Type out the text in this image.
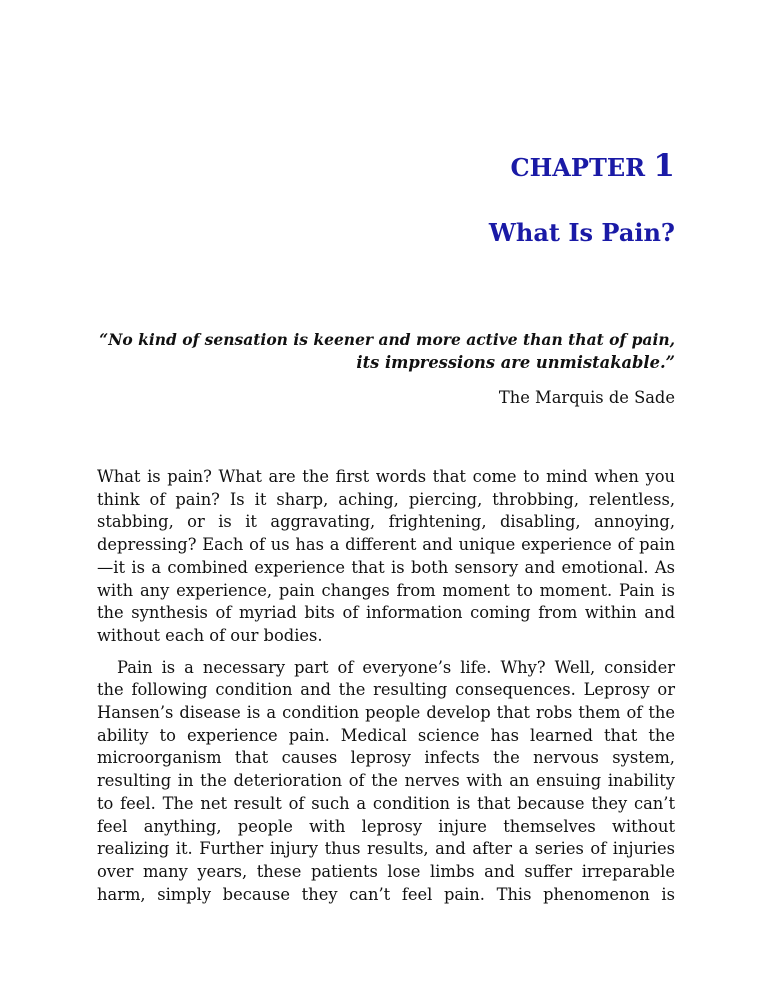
CHAPTER 1
What Is Pain?
“No kind of sensation is keener and more active than that of pain,
its impressions are unmistakable.”

The Marquis de Sade

What is pain? What are the first words that come to mind when you
think of pain? Is it sharp, aching, piercing, throbbing, relentless,
stabbing, or is it aggravating, frightening, disabling, annoying,
depressing? Each of us has a different and unique experience of pain
—it is a combined experience that is both sensory and emotional. As
with any experience, pain changes from moment to moment. Pain is
the synthesis of myriad bits of information coming from within and
without each of our bodies.

Pain is a necessary part of everyone’s life. Why? Well, consider
the following condition and the resulting consequences. Leprosy or
Hansen’s disease is a condition people develop that robs them of the
ability to experience pain. Medical science has learned that the
microorganism that causes leprosy infects the nervous system,
resulting in the deterioration of the nerves with an ensuing inability
to feel. The net result of such a condition is that because they can’t
feel anything, people with leprosy injure themselves without
realizing it. Further injury thus results, and after a series of injuries
over many years, these patients lose limbs and suffer irreparable
harm, simply because they can’t feel pain. This phenomenon is
